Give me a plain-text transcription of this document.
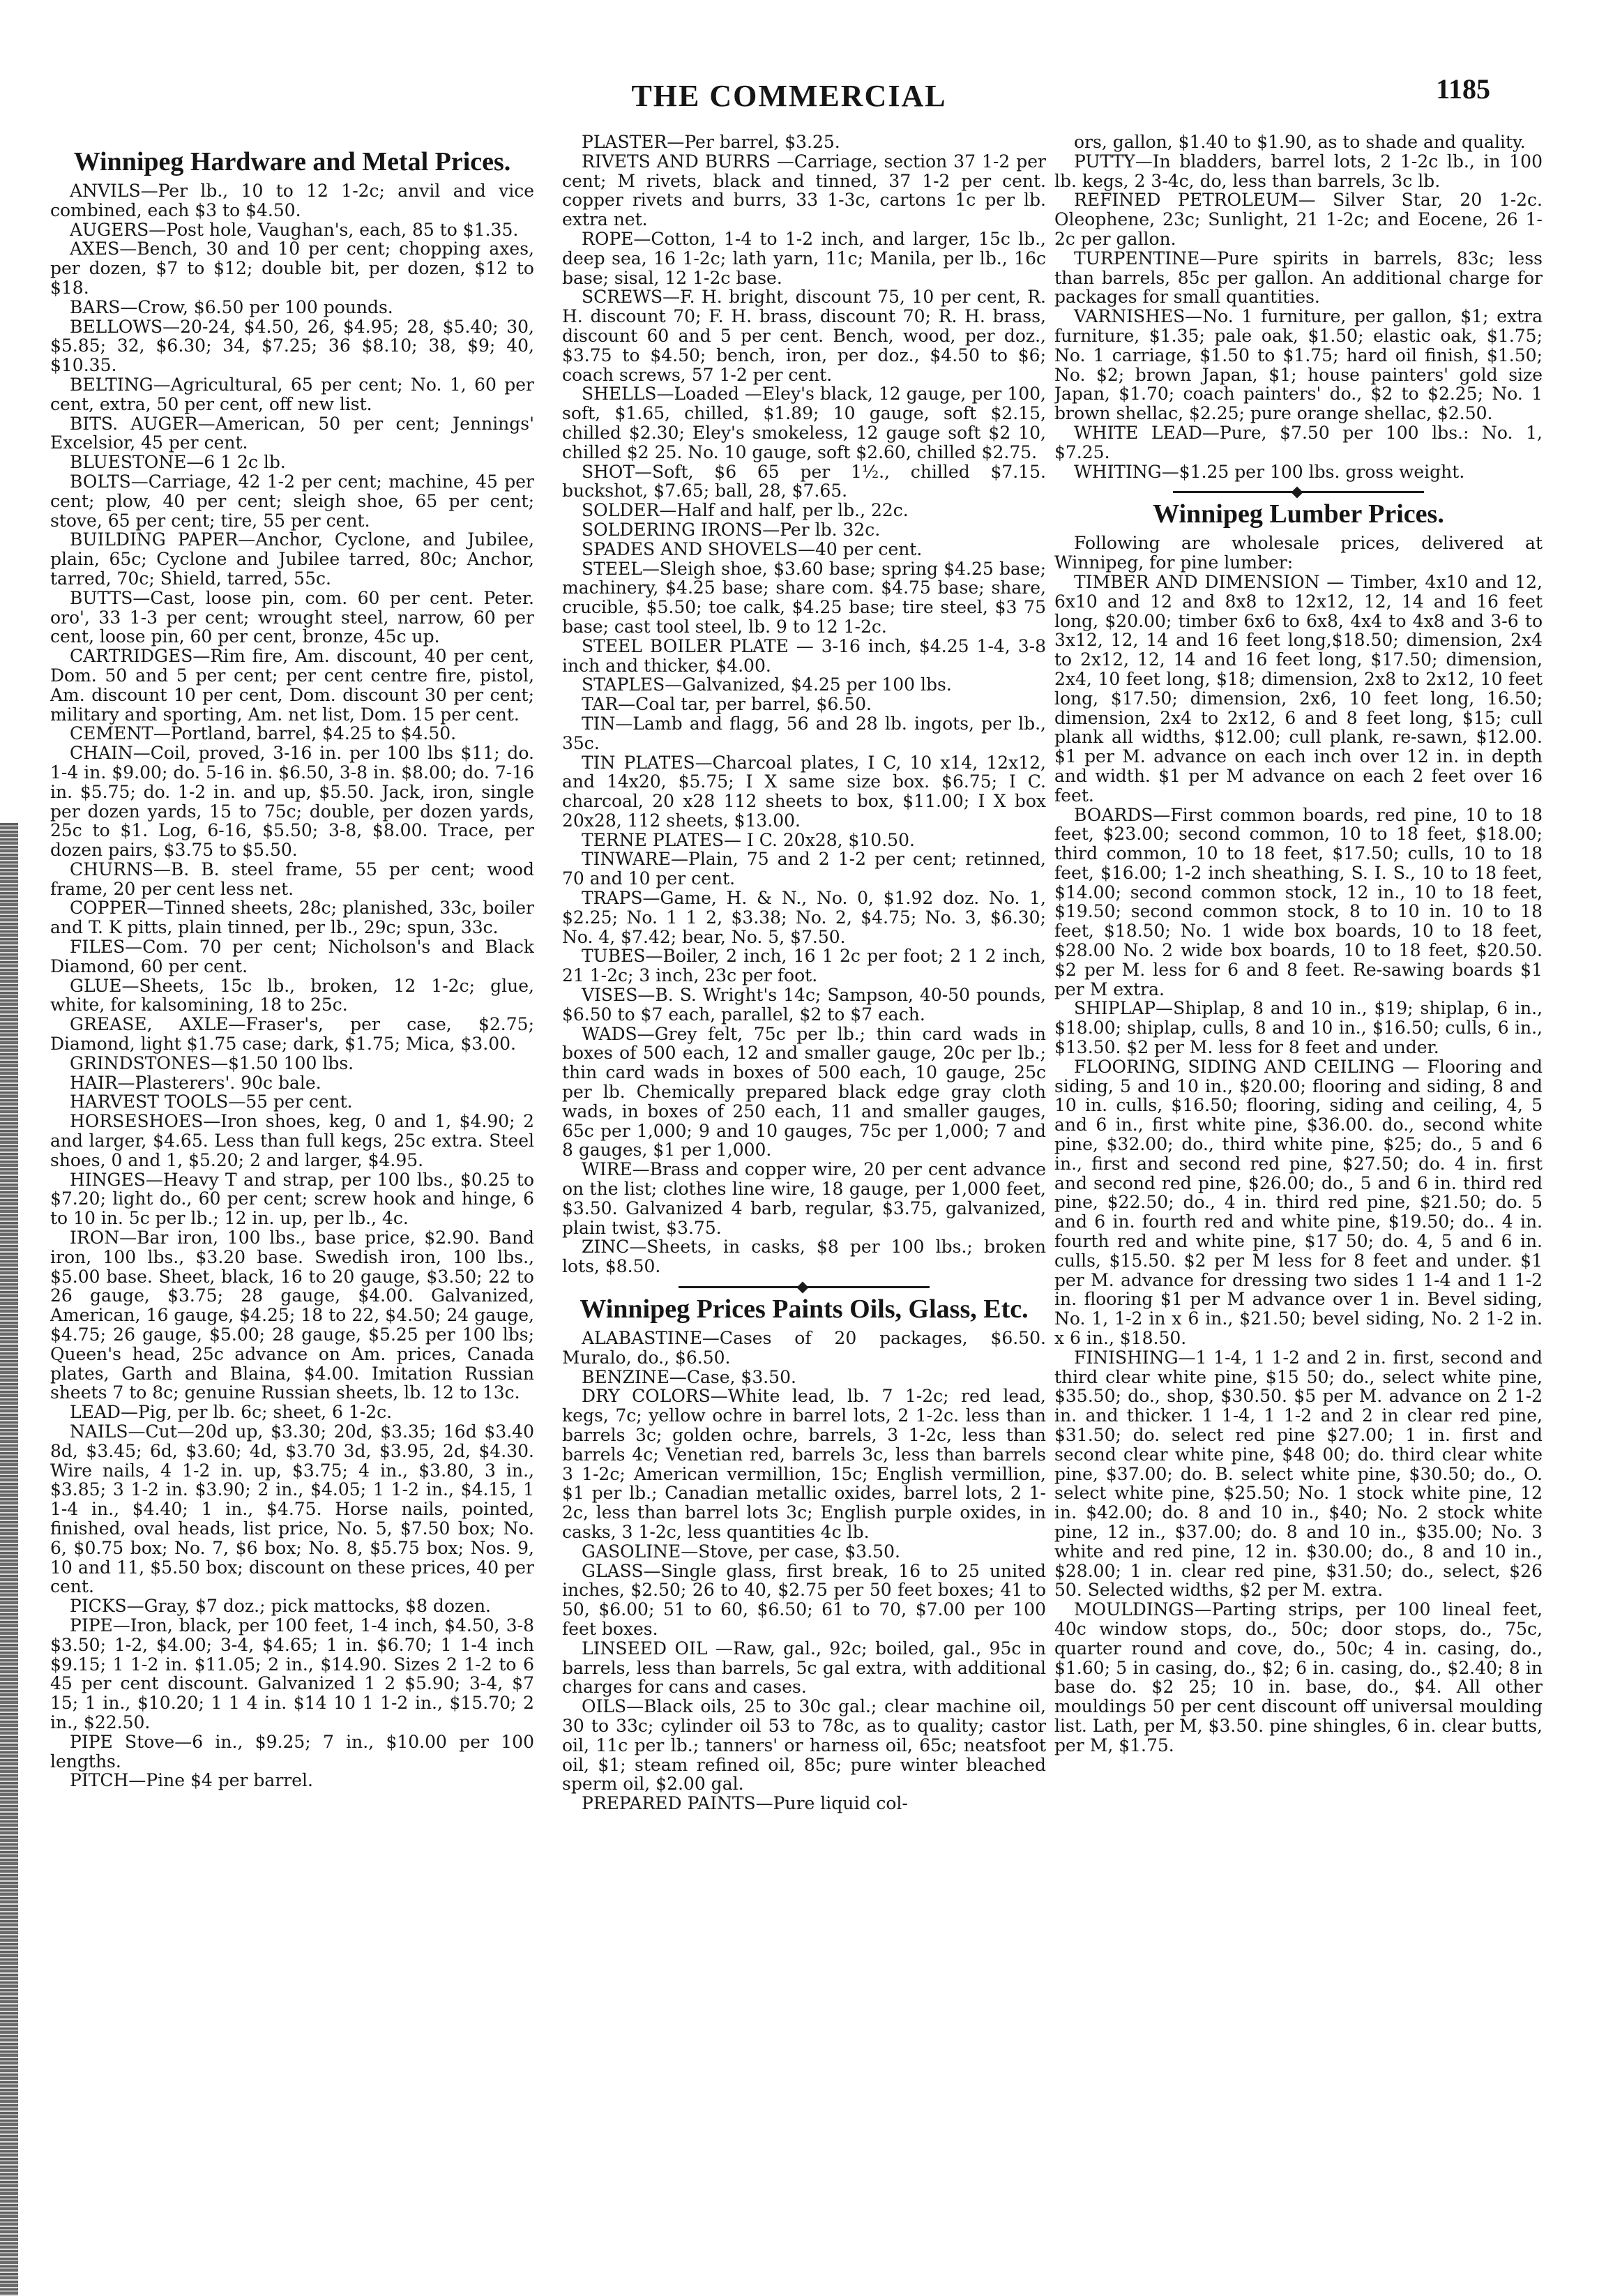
THE COMMERCIAL	1185
Winnipeg Hardware and Metal Prices.

ANVILS—Per lb., 10 to 12 1-2c; anvil and vice combined, each $3 to $4.50.

AUGERS—Post hole, Vaughan's, each, 85 to $1.35.

AXES—Bench, 30 and 10 per cent; chopping axes, per dozen, $7 to $12; double bit, per dozen, $12 to $18.

BARS—Crow, $6.50 per 100 pounds.

BELLOWS—20-24, $4.50, 26, $4.95; 28, $5.40; 30, $5.85; 32, $6.30; 34, $7.25; 36 $8.10; 38, $9; 40, $10.35.

BELTING—Agricultural, 65 per cent; No. 1, 60 per cent, extra, 50 per cent, off new list.

BITS. AUGER—American, 50 per cent; Jennings' Excelsior, 45 per cent.

BLUESTONE—6 1 2c lb.

BOLTS—Carriage, 42 1-2 per cent; machine, 45 per cent; plow, 40 per cent; sleigh shoe, 65 per cent; stove, 65 per cent; tire, 55 per cent.

BUILDING PAPER—Anchor, Cyclone, and Jubilee, plain, 65c; Cyclone and Jubilee tarred, 80c; Anchor, tarred, 70c; Shield, tarred, 55c.

BUTTS—Cast, loose pin, com. 60 per cent. Peter. oro', 33 1-3 per cent; wrought steel, narrow, 60 per cent, loose pin, 60 per cent, bronze, 45c up.

CARTRIDGES—Rim fire, Am. discount, 40 per cent, Dom. 50 and 5 per cent; per cent centre fire, pistol, Am. discount 10 per cent, Dom. discount 30 per cent; military and sporting, Am. net list, Dom. 15 per cent.

CEMENT—Portland, barrel, $4.25 to $4.50.

CHAIN—Coil, proved, 3-16 in. per 100 lbs $11; do. 1-4 in. $9.00; do. 5-16 in. $6.50, 3-8 in. $8.00; do. 7-16 in. $5.75; do. 1-2 in. and up, $5.50. Jack, iron, single per dozen yards, 15 to 75c; double, per dozen yards, 25c to $1. Log, 6-16, $5.50; 3-8, $8.00. Trace, per dozen pairs, $3.75 to $5.50.

CHURNS—B. B. steel frame, 55 per cent; wood frame, 20 per cent less net.

COPPER—Tinned sheets, 28c; planished, 33c, boiler and T. K pitts, plain tinned, per lb., 29c; spun, 33c.

FILES—Com. 70 per cent; Nicholson's and Black Diamond, 60 per cent.

GLUE—Sheets, 15c lb., broken, 12 1-2c; glue, white, for kalsomining, 18 to 25c.

GREASE, AXLE—Fraser's, per case, $2.75; Diamond, light $1.75 case; dark, $1.75; Mica, $3.00.

GRINDSTONES—$1.50 100 lbs.

HAIR—Plasterers'. 90c bale.

HARVEST TOOLS—55 per cent.

HORSESHOES—Iron shoes, keg, 0 and 1, $4.90; 2 and larger, $4.65. Less than full kegs, 25c extra. Steel shoes, 0 and 1, $5.20; 2 and larger, $4.95.

HINGES—Heavy T and strap, per 100 lbs., $0.25 to $7.20; light do., 60 per cent; screw hook and hinge, 6 to 10 in. 5c per lb.; 12 in. up, per lb., 4c.

IRON—Bar iron, 100 lbs., base price, $2.90. Band iron, 100 lbs., $3.20 base. Swedish iron, 100 lbs., $5.00 base. Sheet, black, 16 to 20 gauge, $3.50; 22 to 26 gauge, $3.75; 28 gauge, $4.00. Galvanized, American, 16 gauge, $4.25; 18 to 22, $4.50; 24 gauge, $4.75; 26 gauge, $5.00; 28 gauge, $5.25 per 100 lbs; Queen's head, 25c advance on Am. prices, Canada plates, Garth and Blaina, $4.00. Imitation Russian sheets 7 to 8c; genuine Russian sheets, lb. 12 to 13c.

LEAD—Pig, per lb. 6c; sheet, 6 1-2c.

NAILS—Cut—20d up, $3.30; 20d, $3.35; 16d $3.40 8d, $3.45; 6d, $3.60; 4d, $3.70 3d, $3.95, 2d, $4.30. Wire nails, 4 1-2 in. up, $3.75; 4 in., $3.80, 3 in., $3.85; 3 1-2 in. $3.90; 2 in., $4.05; 1 1-2 in., $4.15, 1 1-4 in., $4.40; 1 in., $4.75. Horse nails, pointed, finished, oval heads, list price, No. 5, $7.50 box; No. 6, $0.75 box; No. 7, $6 box; No. 8, $5.75 box; Nos. 9, 10 and 11, $5.50 box; discount on these prices, 40 per cent.

PICKS—Gray, $7 doz.; pick mattocks, $8 dozen.

PIPE—Iron, black, per 100 feet, 1-4 inch, $4.50, 3-8 $3.50; 1-2, $4.00; 3-4, $4.65; 1 in. $6.70; 1 1-4 inch $9.15; 1 1-2 in. $11.05; 2 in., $14.90. Sizes 2 1-2 to 6 45 per cent discount. Galvanized 1 2 $5.90; 3-4, $7 15; 1 in., $10.20; 1 1 4 in. $14 10 1 1-2 in., $15.70; 2 in., $22.50.

PIPE Stove—6 in., $9.25; 7 in., $10.00 per 100 lengths.

PITCH—Pine $4 per barrel.

PLASTER—Per barrel, $3.25.

RIVETS AND BURRS —Carriage, section 37 1-2 per cent; M rivets, black and tinned, 37 1-2 per cent. copper rivets and burrs, 33 1-3c, cartons 1c per lb. extra net.

ROPE—Cotton, 1-4 to 1-2 inch, and larger, 15c lb., deep sea, 16 1-2c; lath yarn, 11c; Manila, per lb., 16c base; sisal, 12 1-2c base.

SCREWS—F. H. bright, discount 75, 10 per cent, R. H. discount 70; F. H. brass, discount 70; R. H. brass, discount 60 and 5 per cent. Bench, wood, per doz., $3.75 to $4.50; bench, iron, per doz., $4.50 to $6; coach screws, 57 1-2 per cent.

SHELLS—Loaded —Eley's black, 12 gauge, per 100, soft, $1.65, chilled, $1.89; 10 gauge, soft $2.15, chilled $2.30; Eley's smokeless, 12 gauge soft $2 10, chilled $2 25. No. 10 gauge, soft $2.60, chilled $2.75.

SHOT—Soft, $6 65 per 1½., chilled $7.15. buckshot, $7.65; ball, 28, $7.65.

SOLDER—Half and half, per lb., 22c.

SOLDERING IRONS—Per lb. 32c.

SPADES AND SHOVELS—40 per cent.

STEEL—Sleigh shoe, $3.60 base; spring $4.25 base; machinery, $4.25 base; share com. $4.75 base; share, crucible, $5.50; toe calk, $4.25 base; tire steel, $3 75 base; cast tool steel, lb. 9 to 12 1-2c.

STEEL BOILER PLATE — 3-16 inch, $4.25 1-4, 3-8 inch and thicker, $4.00.

STAPLES—Galvanized, $4.25 per 100 lbs.

TAR—Coal tar, per barrel, $6.50.

TIN—Lamb and flagg, 56 and 28 lb. ingots, per lb., 35c.

TIN PLATES—Charcoal plates, I C, 10 x14, 12x12, and 14x20, $5.75; I X same size box. $6.75; I C. charcoal, 20 x28 112 sheets to box, $11.00; I X box 20x28, 112 sheets, $13.00.

TERNE PLATES— I C. 20x28, $10.50.

TINWARE—Plain, 75 and 2 1-2 per cent; retinned, 70 and 10 per cent.

TRAPS—Game, H. & N., No. 0, $1.92 doz. No. 1, $2.25; No. 1 1 2, $3.38; No. 2, $4.75; No. 3, $6.30; No. 4, $7.42; bear, No. 5, $7.50.

TUBES—Boiler, 2 inch, 16 1 2c per foot; 2 1 2 inch, 21 1-2c; 3 inch, 23c per foot.

VISES—B. S. Wright's 14c; Sampson, 40-50 pounds, $6.50 to $7 each, parallel, $2 to $7 each.

WADS—Grey felt, 75c per lb.; thin card wads in boxes of 500 each, 12 and smaller gauge, 20c per lb.; thin card wads in boxes of 500 each, 10 gauge, 25c per lb. Chemically prepared black edge gray cloth wads, in boxes of 250 each, 11 and smaller gauges, 65c per 1,000; 9 and 10 gauges, 75c per 1,000; 7 and 8 gauges, $1 per 1,000.

WIRE—Brass and copper wire, 20 per cent advance on the list; clothes line wire, 18 gauge, per 1,000 feet, $3.50. Galvanized 4 barb, regular, $3.75, galvanized, plain twist, $3.75.

ZINC—Sheets, in casks, $8 per 100 lbs.; broken lots, $8.50.

Winnipeg Prices Paints Oils, Glass, Etc.

ALABASTINE—Cases of 20 packages, $6.50. Muralo, do., $6.50.

BENZINE—Case, $3.50.

DRY COLORS—White lead, lb. 7 1-2c; red lead, kegs, 7c; yellow ochre in barrel lots, 2 1-2c. less than barrels 3c; golden ochre, barrels, 3 1-2c, less than barrels 4c; Venetian red, barrels 3c, less than barrels 3 1-2c; American vermillion, 15c; English vermillion, $1 per lb.; Canadian metallic oxides, barrel lots, 2 1-2c, less than barrel lots 3c; English purple oxides, in casks, 3 1-2c, less quantities 4c lb.

GASOLINE—Stove, per case, $3.50.

GLASS—Single glass, first break, 16 to 25 united inches, $2.50; 26 to 40, $2.75 per 50 feet boxes; 41 to 50, $6.00; 51 to 60, $6.50; 61 to 70, $7.00 per 100 feet boxes.

LINSEED OIL —Raw, gal., 92c; boiled, gal., 95c in barrels, less than barrels, 5c gal extra, with additional charges for cans and cases.

OILS—Black oils, 25 to 30c gal.; clear machine oil, 30 to 33c; cylinder oil 53 to 78c, as to quality; castor oil, 11c per lb.; tanners' or harness oil, 65c; neatsfoot oil, $1; steam refined oil, 85c; pure winter bleached sperm oil, $2.00 gal.

PREPARED PAINTS—Pure liquid col-

ors, gallon, $1.40 to $1.90, as to shade and quality.

PUTTY—In bladders, barrel lots, 2 1-2c lb., in 100 lb. kegs, 2 3-4c, do, less than barrels, 3c lb.

REFINED PETROLEUM— Silver Star, 20 1-2c. Oleophene, 23c; Sunlight, 21 1-2c; and Eocene, 26 1-2c per gallon.

TURPENTINE—Pure spirits in barrels, 83c; less than barrels, 85c per gallon. An additional charge for packages for small quantities.

VARNISHES—No. 1 furniture, per gallon, $1; extra furniture, $1.35; pale oak, $1.50; elastic oak, $1.75; No. 1 carriage, $1.50 to $1.75; hard oil finish, $1.50; No. $2; brown Japan, $1; house painters' gold size Japan, $1.70; coach painters' do., $2 to $2.25; No. 1 brown shellac, $2.25; pure orange shellac, $2.50.

WHITE LEAD—Pure, $7.50 per 100 lbs.: No. 1, $7.25.

WHITING—$1.25 per 100 lbs. gross weight.

Winnipeg Lumber Prices.

Following are wholesale prices, delivered at Winnipeg, for pine lumber:

TIMBER AND DIMENSION — Timber, 4x10 and 12, 6x10 and 12 and 8x8 to 12x12, 12, 14 and 16 feet long, $20.00; timber 6x6 to 6x8, 4x4 to 4x8 and 3-6 to 3x12, 12, 14 and 16 feet long,$18.50; dimension, 2x4 to 2x12, 12, 14 and 16 feet long, $17.50; dimension, 2x4, 10 feet long, $18; dimension, 2x8 to 2x12, 10 feet long, $17.50; dimension, 2x6, 10 feet long, 16.50; dimension, 2x4 to 2x12, 6 and 8 feet long, $15; cull plank all widths, $12.00; cull plank, re-sawn, $12.00. $1 per M. advance on each inch over 12 in. in depth and width. $1 per M advance on each 2 feet over 16 feet.

BOARDS—First common boards, red pine, 10 to 18 feet, $23.00; second common, 10 to 18 feet, $18.00; third common, 10 to 18 feet, $17.50; culls, 10 to 18 feet, $16.00; 1-2 inch sheathing, S. I. S., 10 to 18 feet, $14.00; second common stock, 12 in., 10 to 18 feet, $19.50; second common stock, 8 to 10 in. 10 to 18 feet, $18.50; No. 1 wide box boards, 10 to 18 feet, $28.00 No. 2 wide box boards, 10 to 18 feet, $20.50. $2 per M. less for 6 and 8 feet. Re-sawing boards $1 per M extra.

SHIPLAP—Shiplap, 8 and 10 in., $19; shiplap, 6 in., $18.00; shiplap, culls, 8 and 10 in., $16.50; culls, 6 in., $13.50. $2 per M. less for 8 feet and under.

FLOORING, SIDING AND CEILING — Flooring and siding, 5 and 10 in., $20.00; flooring and siding, 8 and 10 in. culls, $16.50; flooring, siding and ceiling, 4, 5 and 6 in., first white pine, $36.00. do., second white pine, $32.00; do., third white pine, $25; do., 5 and 6 in., first and second red pine, $27.50; do. 4 in. first and second red pine, $26.00; do., 5 and 6 in. third red pine, $22.50; do., 4 in. third red pine, $21.50; do. 5 and 6 in. fourth red and white pine, $19.50; do.. 4 in. fourth red and white pine, $17 50; do. 4, 5 and 6 in. culls, $15.50. $2 per M less for 8 feet and under. $1 per M. advance for dressing two sides 1 1-4 and 1 1-2 in. flooring $1 per M advance over 1 in. Bevel siding, No. 1, 1-2 in x 6 in., $21.50; bevel siding, No. 2 1-2 in. x 6 in., $18.50.

FINISHING—1 1-4, 1 1-2 and 2 in. first, second and third clear white pine, $15 50; do., select white pine, $35.50; do., shop, $30.50. $5 per M. advance on 2 1-2 in. and thicker. 1 1-4, 1 1-2 and 2 in clear red pine, $31.50; do. select red pine $27.00; 1 in. first and second clear white pine, $48 00; do. third clear white pine, $37.00; do. B. select white pine, $30.50; do., O. select white pine, $25.50; No. 1 stock white pine, 12 in. $42.00; do. 8 and 10 in., $40; No. 2 stock white pine, 12 in., $37.00; do. 8 and 10 in., $35.00; No. 3 white and red pine, 12 in. $30.00; do., 8 and 10 in., $28.00; 1 in. clear red pine, $31.50; do., select, $26 50. Selected widths, $2 per M. extra.

MOULDINGS—Parting strips, per 100 lineal feet, 40c window stops, do., 50c; door stops, do., 75c, quarter round and cove, do., 50c; 4 in. casing, do., $1.60; 5 in casing, do., $2; 6 in. casing, do., $2.40; 8 in base do. $2 25; 10 in. base, do., $4. All other mouldings 50 per cent discount off universal moulding list. Lath, per M, $3.50. pine shingles, 6 in. clear butts, per M, $1.75.
